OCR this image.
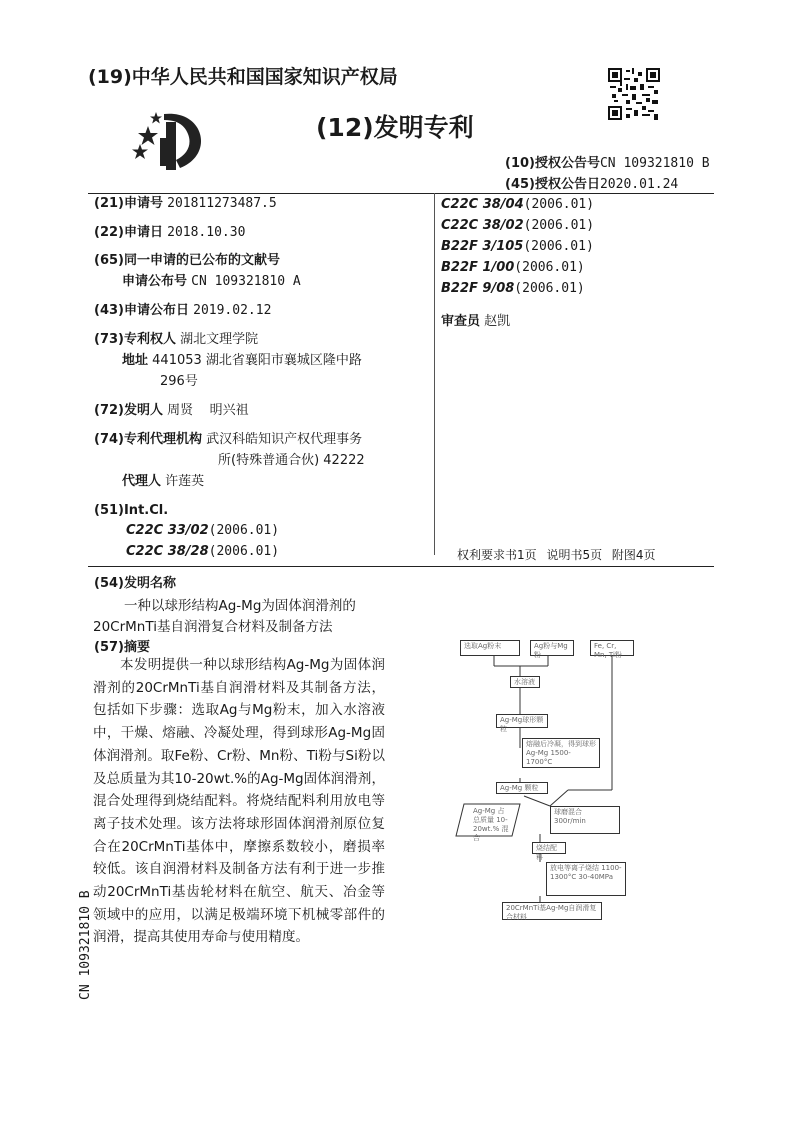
(19)中华人民共和国国家知识产权局
(12)发明专利
(10)授权公告号CN 109321810 B
(45)授权公告日2020.01.24
(21)申请号 201811273487.5
(22)申请日 2018.10.30
(65)同一申请的已公布的文献号
申请公布号 CN 109321810 A
(43)申请公布日 2019.02.12
(73)专利权人 湖北文理学院
地址 441053 湖北省襄阳市襄城区隆中路
296号
(72)发明人 周贤    明兴祖
(74)专利代理机构 武汉科皓知识产权代理事务
所(特殊普通合伙) 42222
代理人 许莲英
(51)Int.Cl.
C22C 33/02(2006.01)
C22C 38/28(2006.01)
C22C 38/04(2006.01)
C22C 38/02(2006.01)
B22F 3/105(2006.01)
B22F 1/00(2006.01)
B22F 9/08(2006.01)
审查员 赵凯
权利要求书1页 说明书5页 附图4页
(54)发明名称
一种以球形结构Ag-Mg为固体润滑剂的
20CrMnTi基自润滑复合材料及制备方法
(57)摘要

本发明提供一种以球形结构Ag-Mg为固体润滑剂的20CrMnTi基自润滑材料及其制备方法，包括如下步骤：选取Ag与Mg粉末，加入水溶液中，干燥、熔融、冷凝处理，得到球形Ag-Mg固体润滑剂。取Fe粉、Cr粉、Mn粉、Ti粉与Si粉以及总质量为其10-20wt.%的Ag-Mg固体润滑剂，混合处理得到烧结配料。将烧结配料利用放电等离子技术处理。该方法将球形固体润滑剂原位复合在20CrMnTi基体中，摩擦系数较小，磨损率较低。该自润滑材料及制备方法有利于进一步推动20CrMnTi基齿轮材料在航空、航天、冶金等领域中的应用，以满足极端环境下机械零部件的润滑，提高其使用寿命与使用精度。

选取Ag粉末	Ag粉与Mg粉
Fe, Cr, Mn, Ti粉
水溶液
Ag-Mg球形颗粒
熔融后冷凝，得到球形Ag-Mg 1500-1700°C
Ag-Mg 颗粒
Ag-Mg 占总质量 10-20wt.% 混合
球磨混合 300r/min
烧结配料
放电等离子烧结 1100-1300°C 30-40MPa
20CrMnTi基Ag-Mg自润滑复合材料
CN 109321810 B
